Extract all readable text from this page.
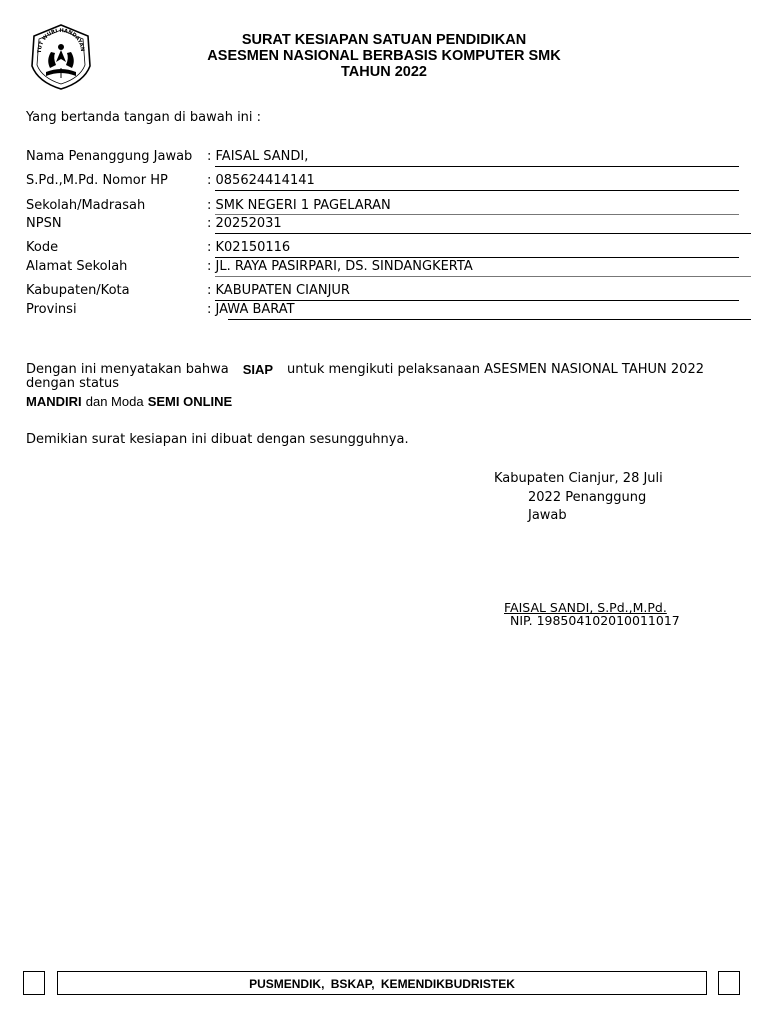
TUT WURI HANDAYAN
SURAT KESIAPAN SATUAN PENDIDIKAN
ASESMEN NASIONAL BERBASIS KOMPUTER SMK
TAHUN 2022
Yang bertanda tangan di bawah ini :
Nama Penanggung Jawab : FAISAL SANDI,
S.Pd.,M.Pd. Nomor HP	: 085624414141
Sekolah/Madrasah	: SMK NEGERI 1 PAGELARAN
NPSN	: 20252031
Kode	: K02150116
Alamat Sekolah	: JL. RAYA PASIRPARI, DS. SINDANGKERTA
Kabupaten/Kota	: KABUPATEN CIANJUR
Provinsi	: JAWA BARAT
Dengan ini menyatakan bahwa SIAP untuk mengikuti pelaksanaan ASESMEN NASIONAL TAHUN 2022
dengan status
MANDIRI dan Moda SEMI ONLINE
Demikian surat kesiapan ini dibuat dengan sesungguhnya.
Kabupaten Cianjur, 28 Juli
2022 Penanggung
Jawab
FAISAL SANDI, S.Pd.,M.Pd.
NIP. 198504102010011017
PUSMENDIK, BSKAP, KEMENDIKBUDRISTEK
